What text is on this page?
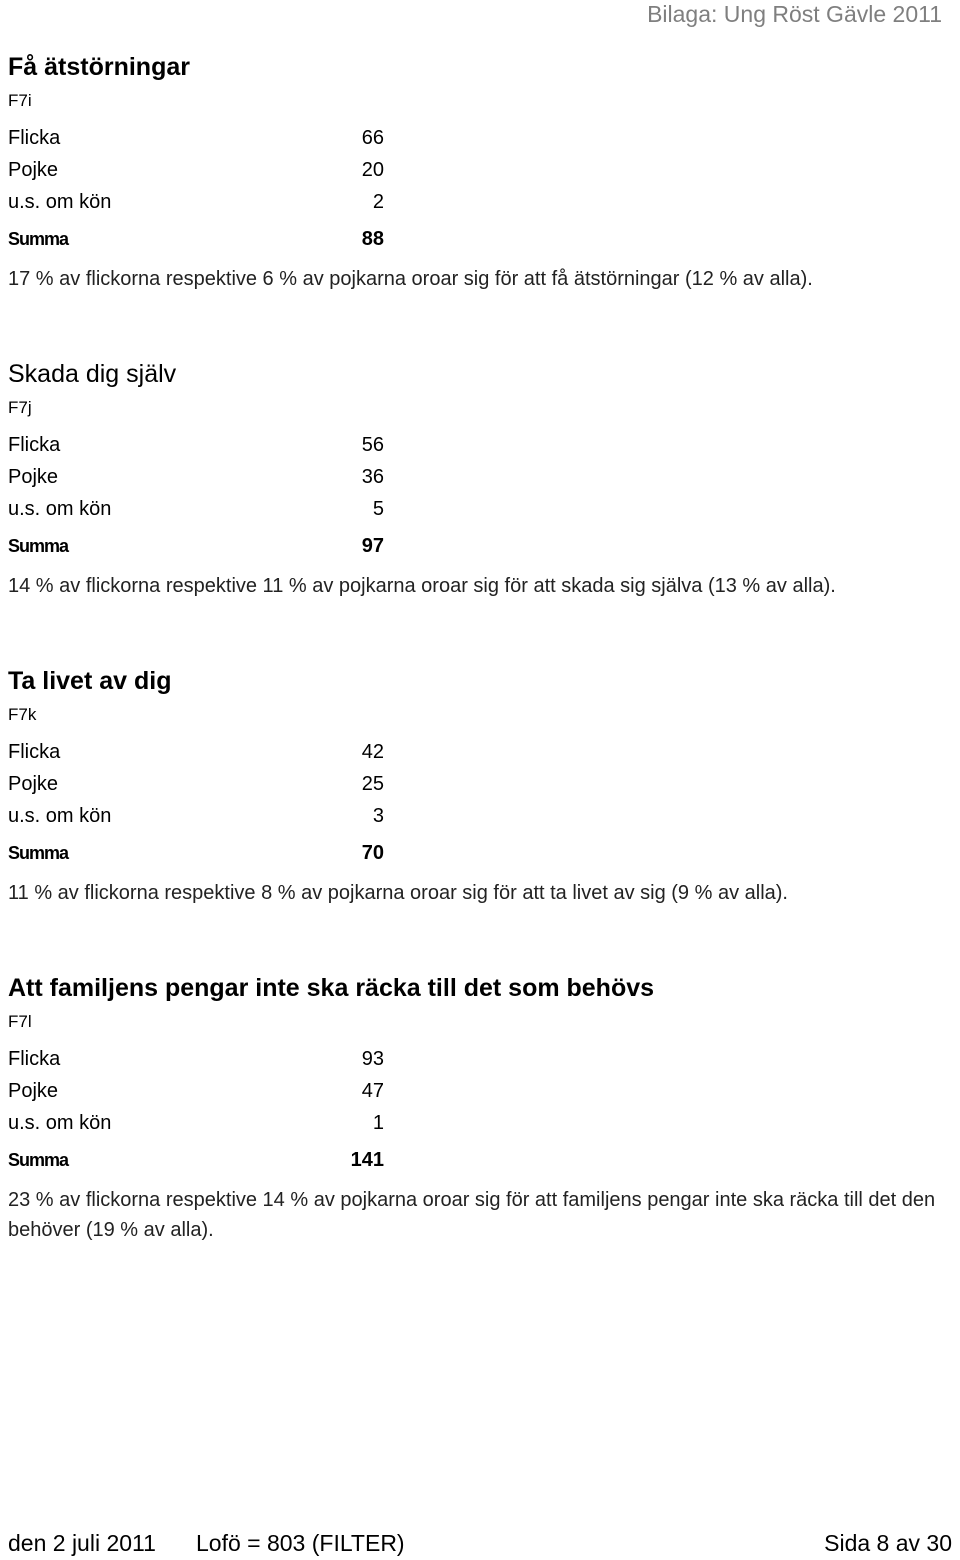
Bilaga: Ung Röst Gävle 2011
Få ätstörningar
F7i
Flicka	66
Pojke	20
u.s. om kön	2
Summa	88
17 % av flickorna respektive 6 % av pojkarna oroar sig för att få ätstörningar (12 % av alla).
Skada dig själv
F7j
Flicka	56
Pojke	36
u.s. om kön	5
Summa	97
14 % av flickorna respektive 11 % av pojkarna oroar sig för att skada sig själva (13 % av alla).
Ta livet av dig
F7k
Flicka	42
Pojke	25
u.s. om kön	3
Summa	70
11 % av flickorna respektive 8 % av pojkarna oroar sig för att ta livet av sig (9 % av alla).
Att familjens pengar inte ska räcka till det som behövs
F7l
Flicka	93
Pojke	47
u.s. om kön	1
Summa	141
23 % av flickorna respektive 14 % av pojkarna oroar sig för att familjens pengar inte ska räcka till det den behöver (19 % av alla).
den 2 juli 2011 Lofö = 803 (FILTER)	Sida 8 av 30
